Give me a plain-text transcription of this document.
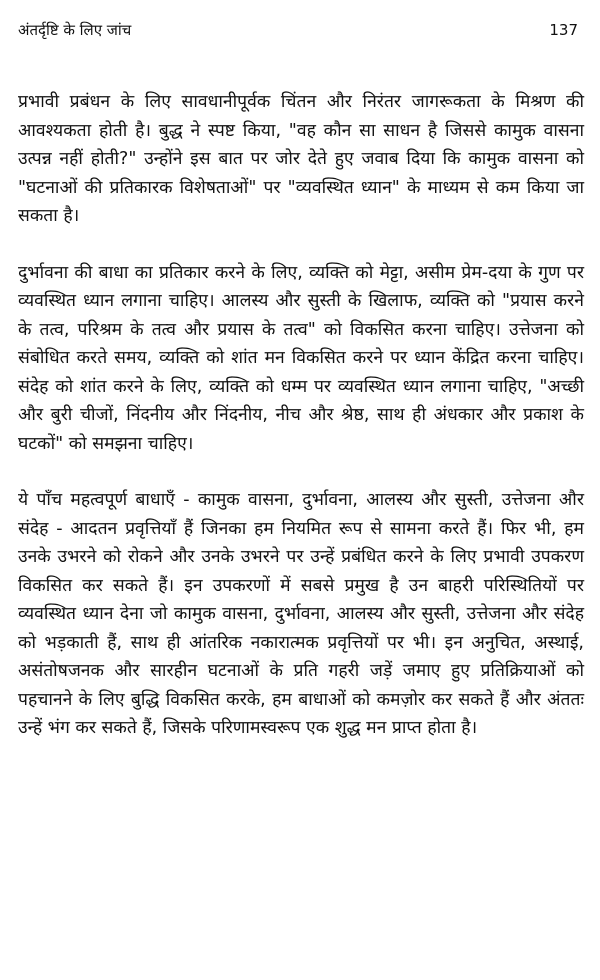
अंतर्दृष्टि के लिए जांच	137

प्रभावी प्रबंधन के लिए सावधानीपूर्वक चिंतन और निरंतर जागरूकता के मिश्रण की आवश्यकता होती है। बुद्ध ने स्पष्ट किया, "वह कौन सा साधन है जिससे कामुक वासना उत्पन्न नहीं होती?" उन्होंने इस बात पर जोर देते हुए जवाब दिया कि कामुक वासना को "घटनाओं की प्रतिकारक विशेषताओं" पर "व्यवस्थित ध्यान" के माध्यम से कम किया जा सकता है।

दुर्भावना की बाधा का प्रतिकार करने के लिए, व्यक्ति को मेट्टा, असीम प्रेम-दया के गुण पर व्यवस्थित ध्यान लगाना चाहिए। आलस्य और सुस्ती के खिलाफ, व्यक्ति को "प्रयास करने के तत्व, परिश्रम के तत्व और प्रयास के तत्व" को विकसित करना चाहिए। उत्तेजना को संबोधित करते समय, व्यक्ति को शांत मन विकसित करने पर ध्यान केंद्रित करना चाहिए। संदेह को शांत करने के लिए, व्यक्ति को धम्म पर व्यवस्थित ध्यान लगाना चाहिए, "अच्छी और बुरी चीजों, निंदनीय और निंदनीय, नीच और श्रेष्ठ, साथ ही अंधकार और प्रकाश के घटकों" को समझना चाहिए।

ये पाँच महत्वपूर्ण बाधाएँ - कामुक वासना, दुर्भावना, आलस्य और सुस्ती, उत्तेजना और संदेह - आदतन प्रवृत्तियाँ हैं जिनका हम नियमित रूप से सामना करते हैं। फिर भी, हम उनके उभरने को रोकने और उनके उभरने पर उन्हें प्रबंधित करने के लिए प्रभावी उपकरण विकसित कर सकते हैं। इन उपकरणों में सबसे प्रमुख है उन बाहरी परिस्थितियों पर व्यवस्थित ध्यान देना जो कामुक वासना, दुर्भावना, आलस्य और सुस्ती, उत्तेजना और संदेह को भड़काती हैं, साथ ही आंतरिक नकारात्मक प्रवृत्तियों पर भी। इन अनुचित, अस्थाई, असंतोषजनक और सारहीन घटनाओं के प्रति गहरी जड़ें जमाए हुए प्रतिक्रियाओं को पहचानने के लिए बुद्धि विकसित करके, हम बाधाओं को कमज़ोर कर सकते हैं और अंततः उन्हें भंग कर सकते हैं, जिसके परिणामस्वरूप एक शुद्ध मन प्राप्त होता है।
